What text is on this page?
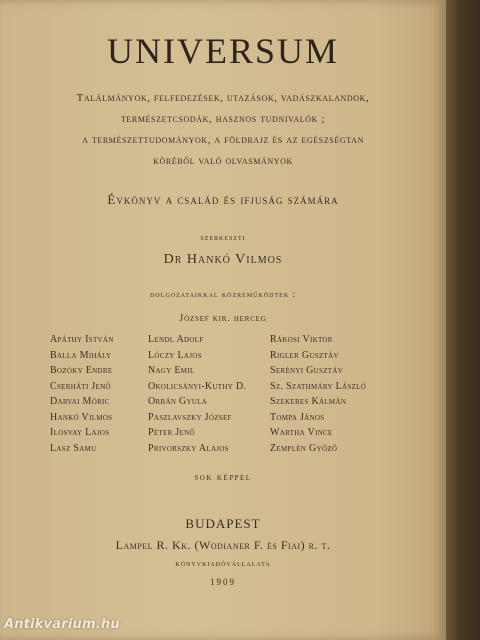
UNIVERSUM
Találmányok, felfedezések, utazások, vadászkalandok,
természetcsodák, hasznos tudnivalók ;
a természettudományok, a földrajz és az egészségtan
köréből való olvasmányok
Évkönyv a család és ifjuság számára
szerkeszti
Dr Hankó Vilmos
dolgozataikkal közreműködtek :
József kir. herceg
Apáthy István
Balla Mihály
Bozóky Endre
Cserháti Jenő
Darvai Móric
Hankó Vilmos
Ilosvay Lajos
Lasz Samu
Lendl Adolf
Lóczy Lajos
Nagy Emil
Okolicsányi-Kuthy D.
Orbán Gyula
Paszlavszky József
Péter Jenő
Privorszky Alajos
Rákosi Viktor
Rigler Gusztáv
Serényi Gusztáv
Sz. Szathmáry László
Szekeres Kálmán
Tompa János
Wartha Vince
Zemplén Győző
sok képpel
BUDAPEST
Lampel R. Kk. (Wodianer F. és Fiai) r. t.
könyvkiadóvállalata
1909
Antikvarium.hu
